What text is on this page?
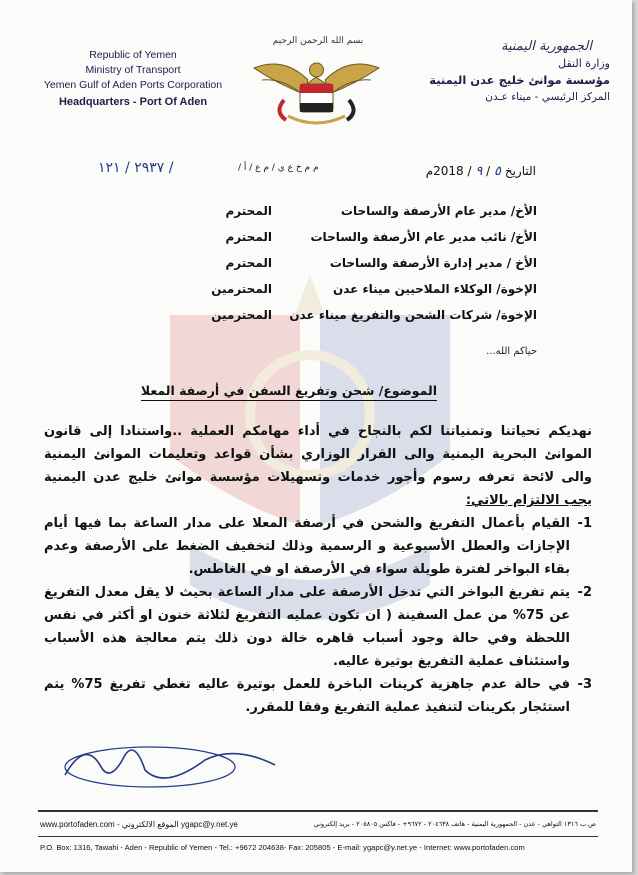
Republic of Yemen
Ministry of Transport
Yemen Gulf of Aden Ports Corporation
Headquarters - Port Of Aden
الجمهورية اليمنية
وزارة النقل
مؤسسة موانئ خليج عدن اليمنية
المركز الرئيسي - ميناء عـدن
بسم الله الرحمن الرحيم
٢٩٣٧ / ١٢١ /	م م خ ع ي / م ع / أ /	التاريخ ٥ / ٩ / 2018م
الأخ/ مدير عام الأرصفة والساحات
المحترم
الأخ/ نائب مدير عام الأرصفة والساحات
المحترم
الأخ / مدير إدارة الأرصفة والساحات
المحترم
الإخوة/ الوكلاء الملاحيين ميناء عدن
المحترمين
الإخوة/ شركات الشحن والتفريغ ميناء عدن
المحترمين
حياكم الله...
الموضوع/ شحن وتفريغ السفن في أرصفة المعلا

نهديكم تحياتنا وتمنياتنا لكم بالنجاح في أداء مهامكم العملية ..واستنادا إلى قانون الموانئ البحرية اليمنية والى القرار الوزاري بشأن قواعد وتعليمات الموانئ اليمنية والى لائحة تعرفه رسوم وأجور خدمات وتسهيلات مؤسسة موانئ خليج عدن اليمنية يجب الالتزام بالاتي:

1-
القيام بأعمال التفريغ والشحن في أرصفة المعلا على مدار الساعة بما فيها أيام الإجازات والعطل الأسبوعية و الرسمية وذلك لتخفيف الضغط على الأرصفة وعدم بقاء البواخر لفترة طويلة سواء في الأرصفة او في الغاطس.
2-
يتم تفريغ البواخر التي تدخل الأرصفة على مدار الساعة بحيث لا يقل معدل التفريغ عن 75% من عمل السفينة ( ان تكون عمليه التفريغ لثلاثة خنون او أكثر في نفس اللحظة وفي حالة وجود أسباب قاهره خالة دون ذلك يتم معالجة هذه الأسباب واستئناف عملية التفريغ بوتيرة عاليه.
3-
في حالة عدم جاهزية كرينات الباخرة للعمل بوتيرة عاليه تغطي تفريغ 75% يتم استئجار بكرينات لتنفيذ عملية التفريغ وفقا للمقرر.
www.portofaden.com - الموقع الالكتروني ygapc@y.net.ye	ص.ب ١٣١٦ التواهي - عدن - الجمهورية اليمنية - هاتف ٢٠٤٦٣٨ - ٩٦٧٢+ - فاكس ٢٠٥٨٠٥ - بريد إلكتروني
P.O. Box: 1316, Tawahi - Aden - Republic of Yemen - Tel.: +9672 204638- Fax: 205805 - E-mail: ygapc@y.net.ye - Internet: www.portofaden.com
